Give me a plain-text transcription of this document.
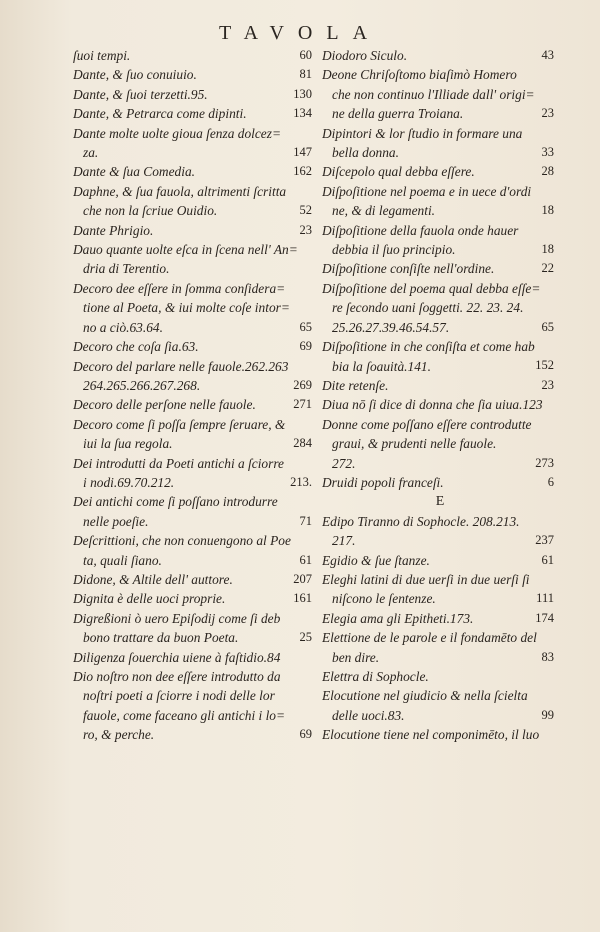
TAVOLA
ſuoi tempi.	60
Dante, & ſuo conuiuio.	81
Dante, & ſuoi terzetti.95.	130
Dante, & Petrarca come dipinti.	134
Dante molte uolte gioua ſenza dolcez=
za.	147
Dante & ſua Comedia.	162
Daphne, & ſua fauola, altrimenti ſcritta
che non la ſcriue Ouidio.	52
Dante Phrigio.	23
Dauo quante uolte eſca in ſcena nell' An=
dria di Terentio.
Decoro dee eſſere in ſomma conſidera=
tione al Poeta, & iui molte coſe intor=
no a ciò.63.64.	65
Decoro che coſa ſia.63.	69
Decoro del parlare nelle fauole.262.263
264.265.266.267.268.	269
Decoro delle perſone nelle fauole.	271
Decoro come ſi poſſa ſempre ſeruare, &
iui la ſua regola.	284
Dei introdutti da Poeti antichi a ſciorre
i nodi.69.70.212.	213.
Dei antichi come ſi poſſano introdurre
nelle poeſie.	71
Deſcrittioni, che non conuengono al Poe
ta, quali ſiano.	61
Didone, & Altile dell' auttore.	207
Dignita è delle uoci proprie.	161
Digreßioni ò uero Epiſodij come ſi deb
bono trattare da buon Poeta.	25
Diligenza ſouerchia uiene à faſtidio.84
Dio noſtro non dee eſſere introdutto da
noſtri poeti a ſciorre i nodi delle lor
fauole, come faceano gli antichi i lo=
ro, & perche.	69
Diodoro Siculo.	43
Deone Chriſoſtomo biaſimò Homero
che non continuo l'Illiade dall' origi=
ne della guerra Troiana.	23
Dipintori & lor ſtudio in formare una
bella donna.	33
Diſcepolo qual debba eſſere.	28
Diſpoſitione nel poema e in uece d'ordi
ne, & di legamenti.	18
Diſpoſitione della fauola onde hauer
debbia il ſuo principio.	18
Diſpoſitione conſiſte nell'ordine.	22
Diſpoſitione del poema qual debba eſſe=
re ſecondo uani ſoggetti. 22. 23. 24.
25.26.27.39.46.54.57.	65
Diſpoſitione in che conſiſta et come hab
bia la ſoauità.141.	152
Dite retenſe.	23
Diua nō ſi dice di donna che ſia uiua.123
Donne come poſſano eſſere controdutte
graui, & prudenti nelle fauole.
272.	273
Druidi popoli franceſi.	6
E
Edipo Tiranno di Sophocle. 208.213.
217.	237
Egidio & ſue ſtanze.	61
Eleghi latini di due uerſi in due uerſi ſi
niſcono le ſentenze.	111
Elegia ama gli Epitheti.173.	174
Elettione de le parole e il fondamēto del
ben dire.	83
Elettra di Sophocle.
Elocutione nel giudicio & nella ſcielta
delle uoci.83.	99
Elocutione tiene nel componimēto, il luo
